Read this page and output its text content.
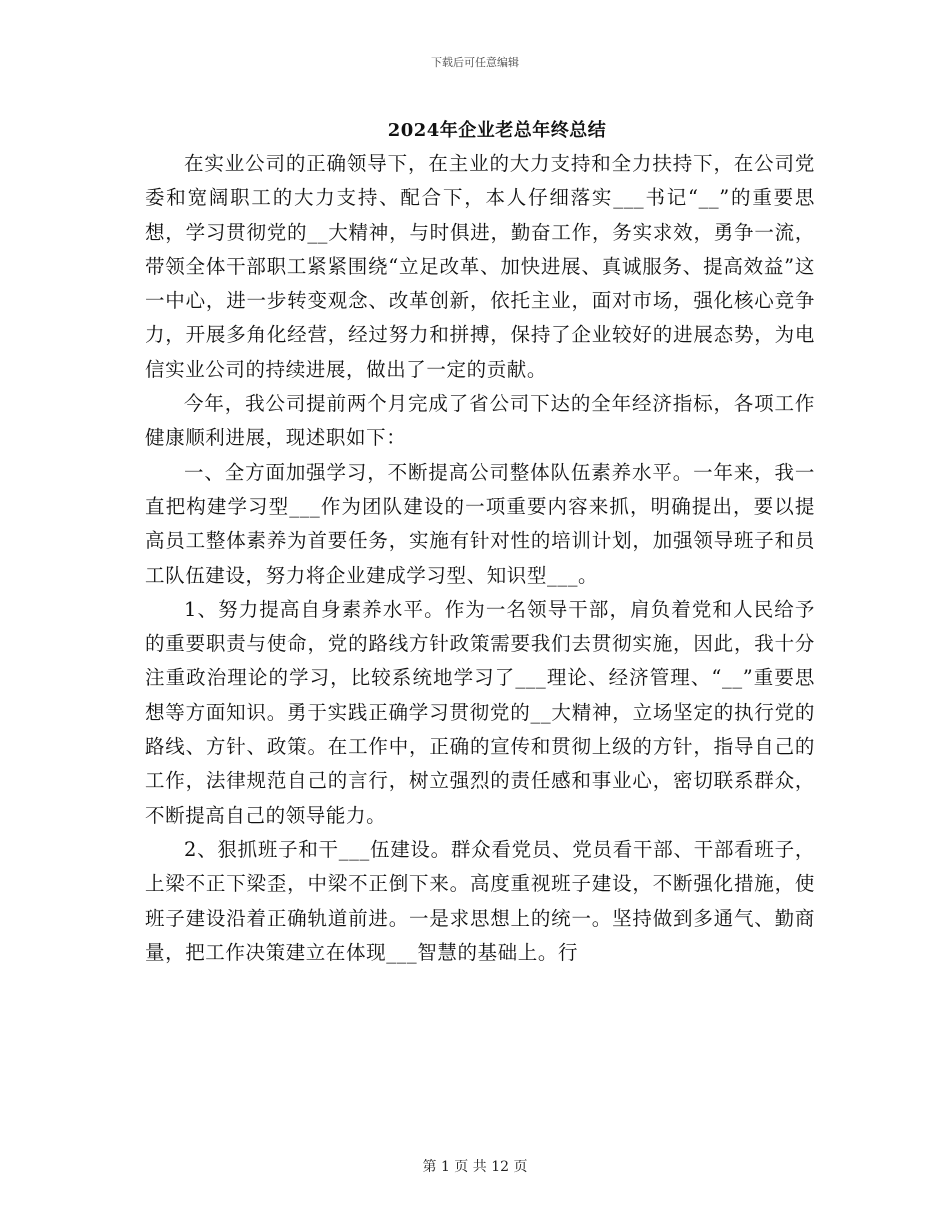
下载后可任意编辑
2024年企业老总年终总结

在实业公司的正确领导下，在主业的大力支持和全力扶持下，在公司党委和宽阔职工的大力支持、配合下，本人仔细落实___书记“__”的重要思想，学习贯彻党的__大精神，与时俱进，勤奋工作，务实求效，勇争一流，带领全体干部职工紧紧围绕“立足改革、加快进展、真诚服务、提高效益”这一中心，进一步转变观念、改革创新，依托主业，面对市场，强化核心竞争力，开展多角化经营，经过努力和拼搏，保持了企业较好的进展态势，为电信实业公司的持续进展，做出了一定的贡献。

今年，我公司提前两个月完成了省公司下达的全年经济指标，各项工作健康顺利进展，现述职如下：

一、全方面加强学习，不断提高公司整体队伍素养水平。一年来，我一直把构建学习型___作为团队建设的一项重要内容来抓，明确提出，要以提高员工整体素养为首要任务，实施有针对性的培训计划，加强领导班子和员工队伍建设，努力将企业建成学习型、知识型___。

1、努力提高自身素养水平。作为一名领导干部，肩负着党和人民给予的重要职责与使命，党的路线方针政策需要我们去贯彻实施，因此，我十分注重政治理论的学习，比较系统地学习了___理论、经济管理、“__”重要思想等方面知识。勇于实践正确学习贯彻党的__大精神，立场坚定的执行党的路线、方针、政策。在工作中，正确的宣传和贯彻上级的方针，指导自己的工作，法律规范自己的言行，树立强烈的责任感和事业心，密切联系群众，不断提高自己的领导能力。

2、狠抓班子和干___伍建设。群众看党员、党员看干部、干部看班子，上梁不正下梁歪，中梁不正倒下来。高度重视班子建设，不断强化措施，使班子建设沿着正确轨道前进。一是求思想上的统一。坚持做到多通气、勤商量，把工作决策建立在体现___智慧的基础上。行

第 1 页 共 12 页
